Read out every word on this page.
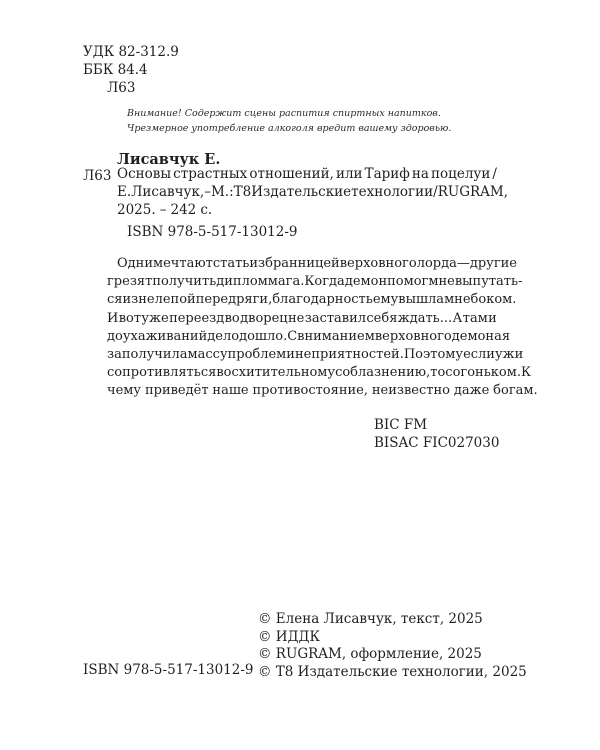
УДК 82-312.9
ББК 84.4
Л63
Внимание! Содержит сцены распития спиртных напитков.
Чрезмерное употребление алкоголя вредит вашему здоровью.
Лисавчук Е.
Л63 Основы страстных отношений, или Тариф на поцелуи /
Е. Лисавчук, – М. : Т8 Издательские технологии / RUGRAM,
2025. – 242 с.
ISBN 978-5-517-13012-9
Одни мечтают стать избранницей верховного лорда — другие
грезят получить диплом мага. Когда демон помог мне выпутать-
ся из нелепой передряги, благодарность ему вышла мне боком.
И вот уже переезд во дворец не заставил себя ждать... А там и
до ухаживаний дело дошло. С вниманием верховного демона я
заполучила массу проблем и неприятностей. Поэтому если уж и
сопротивляться восхитительному соблазнению, то с огоньком. К
чему приведёт наше противостояние, неизвестно даже богам.
BIC FM
BISAC FIC027030
ISBN 978-5-517-13012-9
© Елена Лисавчук, текст, 2025
© ИДДК
© RUGRAM, оформление, 2025
© Т8 Издательские технологии, 2025
